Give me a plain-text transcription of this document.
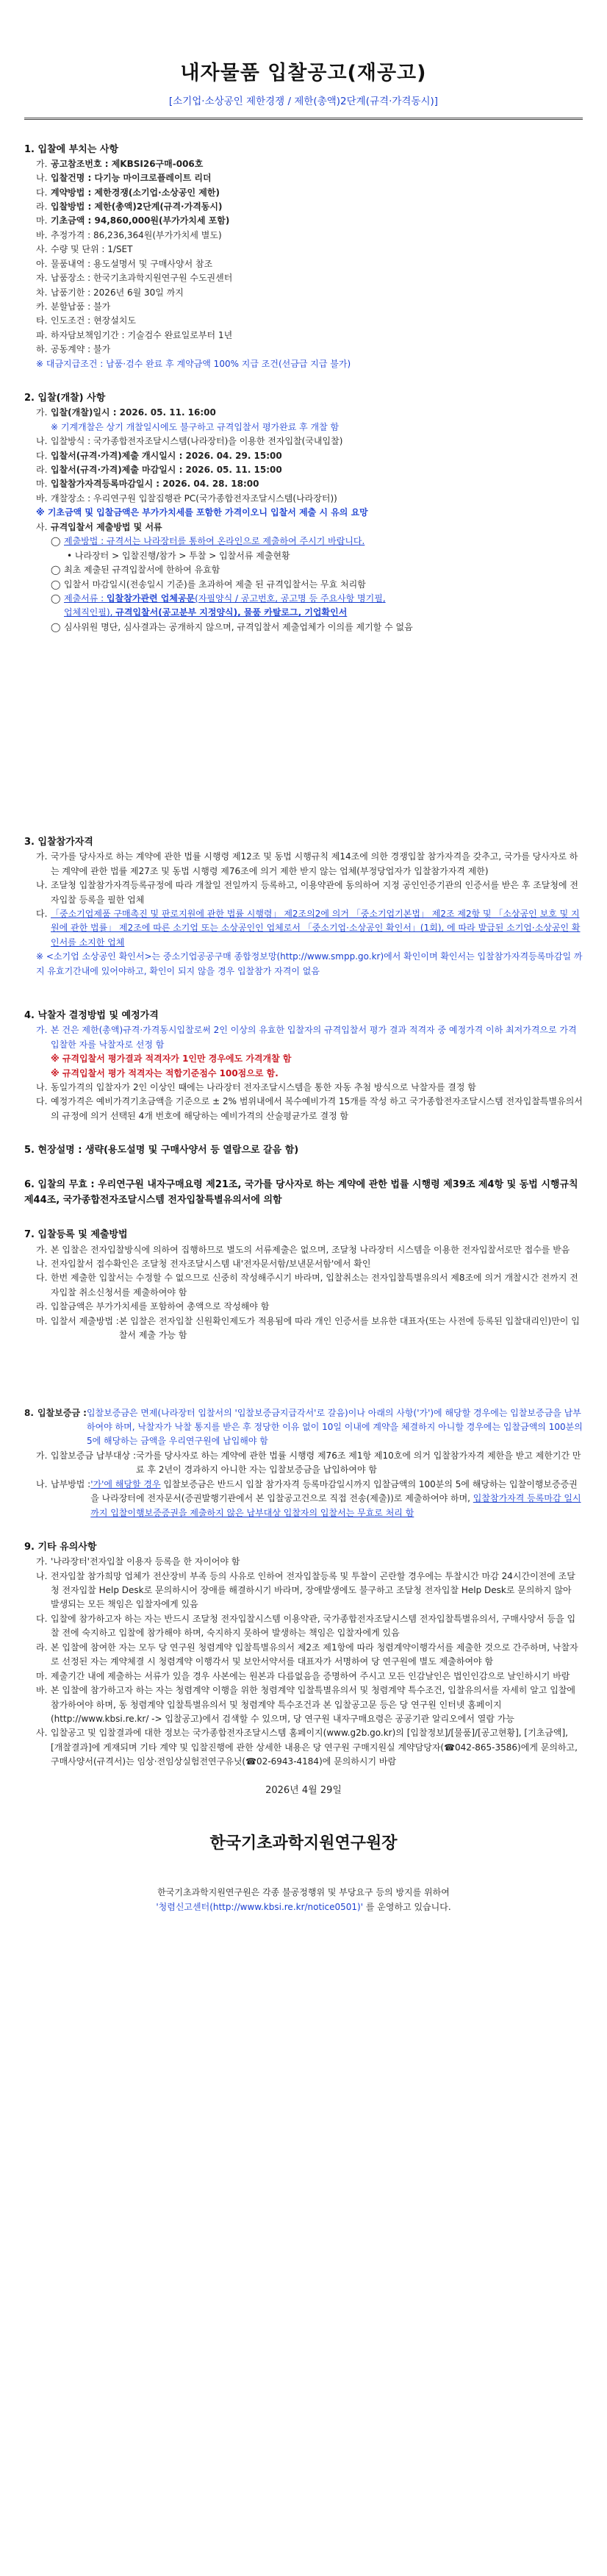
내자물품 입찰공고(재공고)
[소기업·소상공인 제한경쟁 / 제한(총액)2단계(규격·가격동시)]
1. 입찰에 부치는 사항
가. 공고참조번호 : 제KBSI26구매-006호
나. 입찰건명 : 다기능 마이크로플레이트 리더
다. 계약방법 : 제한경쟁(소기업·소상공인 제한)
라. 입찰방법 : 제한(총액)2단계(규격·가격동시)
마. 기초금액 : 94,860,000원(부가가치세 포함)
바. 추정가격 : 86,236,364원(부가가치세 별도)
사. 수량 및 단위 : 1/SET
아. 물품내역 : 용도설명서 및 구매사양서 참조
자. 납품장소 : 한국기초과학지원연구원 수도권센터
차. 납품기한 : 2026년 6월 30일 까지
카. 분할납품 : 불가
타. 인도조건 : 현장설치도
파. 하자담보책임기간 : 기술검수 완료일로부터 1년
하. 공동계약 : 불가
※ 대금지급조건 : 납품·검수 완료 후 계약금액 100% 지급 조건(선금급 지급 불가)
2. 입찰(개찰) 사항
가. 입찰(개찰)일시 : 2026. 05. 11. 16:00
※ 기계개찰은 상기 개찰일시에도 불구하고 규격입찰서 평가완료 후 개찰 함
나. 입찰방식 : 국가종합전자조달시스템(나라장터)을 이용한 전자입찰(국내입찰)
다. 입찰서(규격·가격)제출 개시일시 : 2026. 04. 29. 15:00
라. 입찰서(규격·가격)제출 마감일시 : 2026. 05. 11. 15:00
마. 입찰참가자격등록마감일시 : 2026. 04. 28. 18:00
바. 개찰장소 : 우리연구원 입찰집행관 PC(국가종합전자조달시스템(나라장터))
※ 기초금액 및 입찰금액은 부가가치세를 포함한 가격이오니 입찰서 제출 시 유의 요망
사. 규격입찰서 제출방법 및 서류
◯ 제출방법 : 규격서는 나라장터를 통하여 온라인으로 제출하여 주시기 바랍니다.
• 나라장터 > 입찰진행/참가 > 투찰 > 입찰서류 제출현황
◯ 최초 제출된 규격입찰서에 한하여 유효함
◯ 입찰서 마감일시(전송일시 기준)를 초과하여 제출 된 규격입찰서는 무효 처리함
◯ 제출서류 : 입찰참가관련 업체공문(자필양식 / 공고번호, 공고명 등 주요사항 명기필,
업체직인필), 규격입찰서(공고분부 지정양식), 물품 카탈로그, 기업확인서
◯ 심사위원 명단, 심사결과는 공개하지 않으며, 규격입찰서 제출업체가 이의를 제기할 수 없음
3. 입찰참가자격
가. 국가를 당사자로 하는 계약에 관한 법률 시행령 제12조 및 동법 시행규칙 제14조에 의한 경쟁입찰 참가자격을 갖추고, 국가를 당사자로 하는 계약에 관한 법률 제27조 및 동법 시행령 제76조에 의거 제한 받지 않는 업체(부정당업자가 입찰참가자격 제한)
나. 조달청 입찰참가자격등록규정에 따라 개찰일 전일까지 등록하고, 이용약관에 동의하여 지정 공인인증기관의 인증서를 받은 후 조달청에 전자입찰 등록을 필한 업체
다. 「중소기업제품 구매촉진 및 판로지원에 관한 법률 시행령」 제2조의2에 의거 「중소기업기본법」 제2조 제2항 및 「소상공인 보호 및 지원에 관한 법률」 제2조에 따른 소기업 또는 소상공인인 업체로서 「중소기업·소상공인 확인서」(1회), 에 따라 발급된 소기업·소상공인 확인서를 소지한 업체
※ <소기업 소상공인 확인서>는 중소기업공공구매 종합정보망(http://www.smpp.go.kr)에서 확인이며 확인서는 입찰참가자격등록마감일 까지 유효기간내에 있어야하고, 확인이 되지 않을 경우 입찰참가 자격이 없음
4. 낙찰자 결정방법 및 예정가격
가. 본 건은 제한(총액)규격·가격동시입찰로써 2인 이상의 유효한 입찰자의 규격입찰서 평가 결과 적격자 중 예정가격 이하 최저가격으로 가격입찰한 자를 낙찰자로 선정 함
※ 규격입찰서 평가결과 적격자가 1인만 경우에도 가격개찰 함
※ 규격입찰서 평가 적격자는 적합기준점수 100점으로 함.
나. 동일가격의 입찰자가 2인 이상인 때에는 나라장터 전자조달시스템을 통한 자동 추첨 방식으로 낙찰자를 결정 함
다. 예정가격은 예비가격기초금액을 기준으로 ± 2% 범위내에서 복수예비가격 15개를 작성 하고 국가종합전자조달시스템 전자입찰특별유의서의 규정에 의거 선택된 4개 번호에 해당하는 예비가격의 산술평균가로 결정 함
5. 현장설명 : 생략(용도설명 및 구매사양서 등 열람으로 갈음 함)
6. 입찰의 무효 : 우리연구원 내자구매요령 제21조, 국가를 당사자로 하는 계약에 관한 법률 시행령 제39조 제4항 및 동법 시행규칙 제44조, 국가종합전자조달시스템 전자입찰특별유의서에 의함
7. 입찰등록 및 제출방법
가. 본 입찰은 전자입찰방식에 의하여 집행하므로 별도의 서류제출은 없으며, 조달청 나라장터 시스템을 이용한 전자입찰서로만 접수를 받음
나. 전자입찰서 접수확인은 조달청 전자조달시스템 내'전자문서함/보낸문서함'에서 확인
다. 한번 제출한 입찰서는 수정할 수 없으므로 신중히 작성해주시기 바라며, 입찰취소는 전자입찰특별유의서 제8조에 의거 개찰시간 전까지 전자입찰 취소신청서를 제출하여야 함
라. 입찰금액은 부가가치세를 포함하여 총액으로 작성해야 함
마. 입찰서 제출방법 : 본 입찰은 전자입찰 신원확인제도가 적용됨에 따라 개인 인증서를 보유한 대표자(또는 사전에 등록된 입찰대리인)만이 입찰서 제출 가능 함
8. 입찰보증금 : 입찰보증금은 면제(나라장터 입찰서의 '입찰보증금지급각서'로 갈음)이나 아래의 사항('가')에 해당할 경우에는 입찰보증금을 납부하여야 하며, 낙찰자가 낙찰 통지를 받은 후 정당한 이유 없이 10일 이내에 계약을 체결하지 아니할 경우에는 입찰금액의 100분의 5에 해당하는 금액을 우리연구원에 납입해야 함
가. 입찰보증금 납부대상 : 국가를 당사자로 하는 계약에 관한 법률 시행령 제76조 제1항 제10호에 의거 입찰참가자격 제한을 받고 제한기간 만료 후 2년이 경과하지 아니한 자는 입찰보증금을 납입하여야 함
나. 납부방법 : '가'에 해당할 경우 입찰보증금은 반드시 입찰 참가자격 등록마감일시까지 입찰금액의 100분의 5에 해당하는 입찰이행보증증권을 나라장터에 전자문서(증권발행기관에서 본 입찰공고건으로 직접 전송(제출))로 제출하여야 하며, 입찰참가자격 등록마감 일시까지 입찰이행보증증권을 제출하지 않은 납부대상 입찰자의 입찰서는 무효로 처리 함
9. 기타 유의사항
가. '나라장터'전자입찰 이용자 등록을 한 자이어야 함
나. 전자입찰 참가희망 업체가 전산장비 부족 등의 사유로 인하여 전자입찰등록 및 투찰이 곤란할 경우에는 투찰시간 마감 24시간이전에 조달청 전자입찰 Help Desk로 문의하시어 장애를 해결하시기 바라며, 장애발생에도 불구하고 조달청 전자입찰 Help Desk로 문의하지 않아 발생되는 모든 책임은 입찰자에게 있음
다. 입찰에 참가하고자 하는 자는 반드시 조달청 전자입찰시스템 이용약관, 국가종합전자조달시스템 전자입찰특별유의서, 구매사양서 등을 입찰 전에 숙지하고 입찰에 참가해야 하며, 숙지하지 못하여 발생하는 책임은 입찰자에게 있음
라. 본 입찰에 참여한 자는 모두 당 연구원 청렴계약 입찰특별유의서 제2조 제1항에 따라 청렴계약이행각서를 제출한 것으로 간주하며, 낙찰자로 선정된 자는 계약체결 시 청렴계약 이행각서 및 보안서약서를 대표자가 서명하여 당 연구원에 별도 제출하여야 함
마. 제출기간 내에 제출하는 서류가 있을 경우 사본에는 원본과 다름없음을 증명하여 주시고 모든 인감날인은 법인인감으로 날인하시기 바람
바. 본 입찰에 참가하고자 하는 자는 청렴계약 이행을 위한 청렴계약 입찰특별유의서 및 청렴계약 특수조건, 입찰유의서를 자세히 알고 입찰에 참가하여야 하며, 동 청렴계약 입찰특별유의서 및 청렴계약 특수조건과 본 입찰공고문 등은 당 연구원 인터넷 홈페이지(http://www.kbsi.re.kr/ -> 입찰공고)에서 검색할 수 있으며, 당 연구원 내자구매요령은 공공기관 알리오에서 열람 가능
사. 입찰공고 및 입찰결과에 대한 정보는 국가종합전자조달시스템 홈페이지(www.g2b.go.kr)의 [입찰정보]/[물품]/[공고현황], [기초금액], [개찰결과]에 게재되며 기타 계약 및 입찰진행에 관한 상세한 내용은 당 연구원 구매지원실 계약담당자(☎042-865-3586)에게 문의하고, 구매사양서(규격서)는 임상·전임상실험전연구유닛(☎02-6943-4184)에 문의하시기 바람
2026년 4월 29일
한국기초과학지원연구원장
한국기초과학지원연구원은 각종 불공정행위 및 부당요구 등의 방지를 위하여
'청렴신고센터(http://www.kbsi.re.kr/notice0501)' 를 운영하고 있습니다.
